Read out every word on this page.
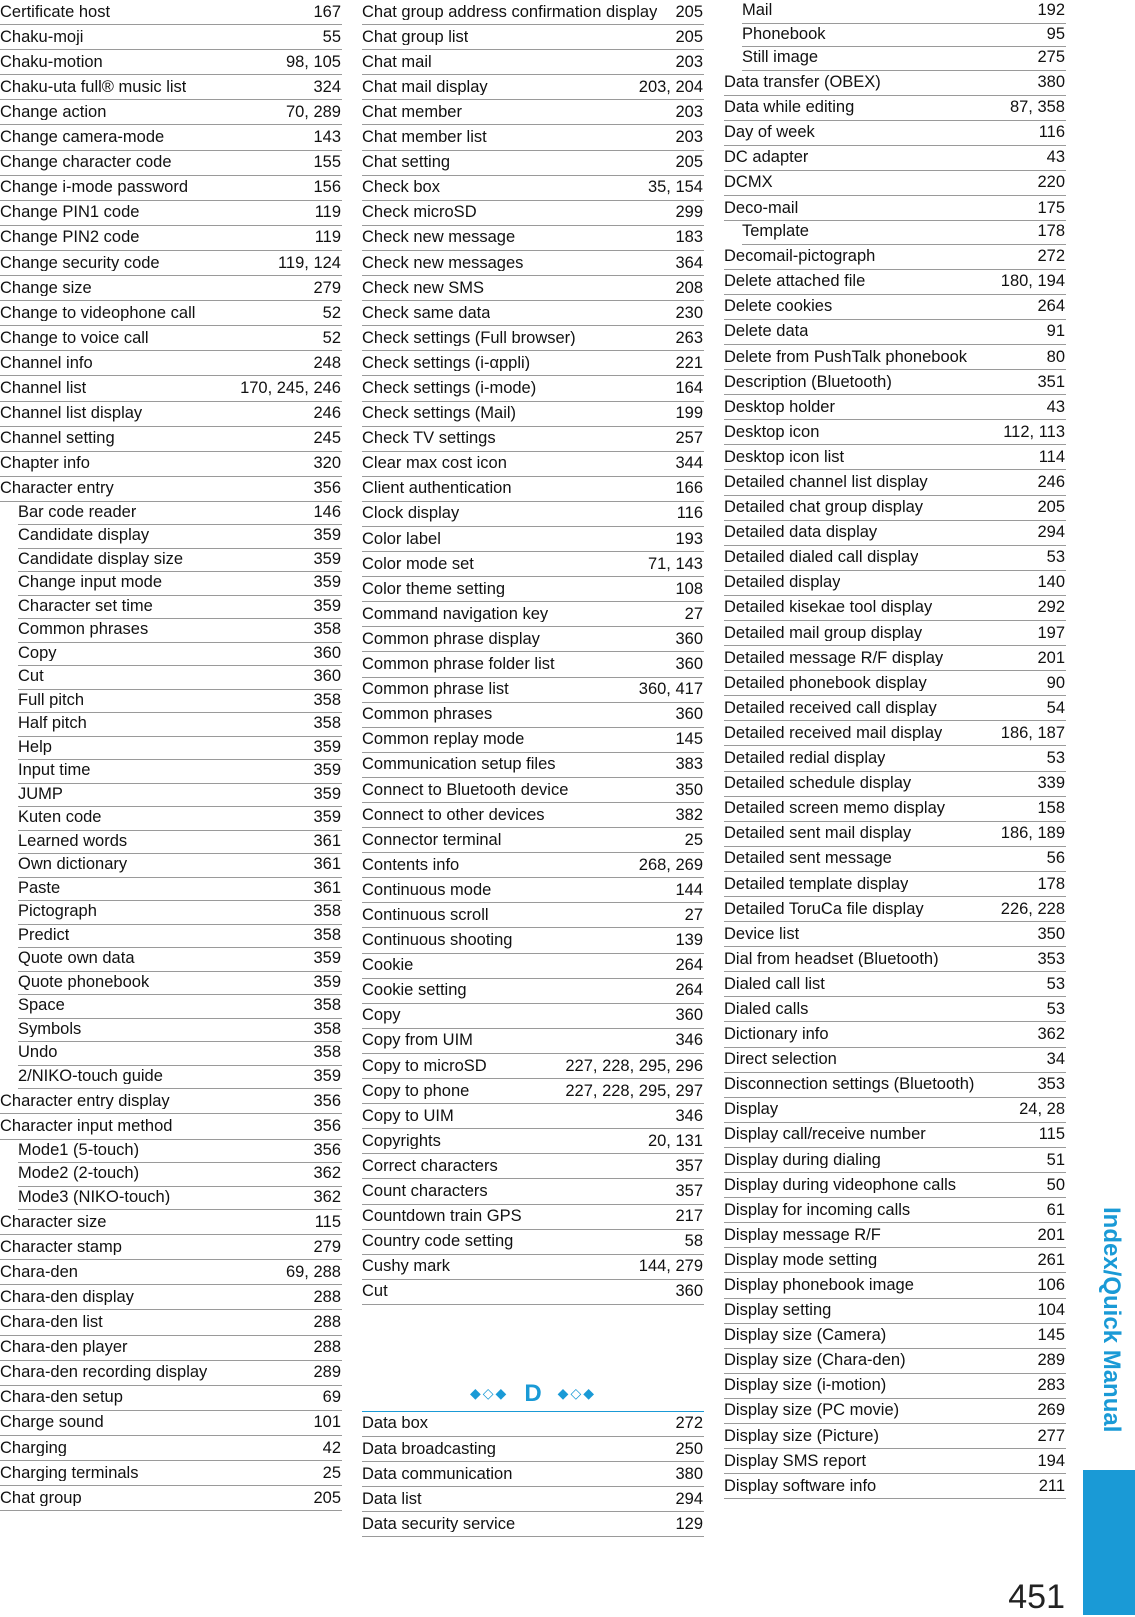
Certificate host	167
Chaku-moji	55
Chaku-motion	98, 105
Chaku-uta full® music list	324
Change action	70, 289
Change camera-mode	143
Change character code	155
Change i-mode password	156
Change PIN1 code	119
Change PIN2 code	119
Change security code	119, 124
Change size	279
Change to videophone call	52
Change to voice call	52
Channel info	248
Channel list	170, 245, 246
Channel list display	246
Channel setting	245
Chapter info	320
Character entry	356
Bar code reader	146
Candidate display	359
Candidate display size	359
Change input mode	359
Character set time	359
Common phrases	358
Copy	360
Cut	360
Full pitch	358
Half pitch	358
Help	359
Input time	359
JUMP	359
Kuten code	359
Learned words	361
Own dictionary	361
Paste	361
Pictograph	358
Predict	358
Quote own data	359
Quote phonebook	359
Space	358
Symbols	358
Undo	358
2/NIKO-touch guide	359
Character entry display	356
Character input method	356
Mode1 (5-touch)	356
Mode2 (2-touch)	362
Mode3 (NIKO-touch)	362
Character size	115
Character stamp	279
Chara-den	69, 288
Chara-den display	288
Chara-den list	288
Chara-den player	288
Chara-den recording display	289
Chara-den setup	69
Charge sound	101
Charging	42
Charging terminals	25
Chat group	205
Chat group address confirmation display	205
Chat group list	205
Chat mail	203
Chat mail display	203, 204
Chat member	203
Chat member list	203
Chat setting	205
Check box	35, 154
Check microSD	299
Check new message	183
Check new messages	364
Check new SMS	208
Check same data	230
Check settings (Full browser)	263
Check settings (i-αppli)	221
Check settings (i-mode)	164
Check settings (Mail)	199
Check TV settings	257
Clear max cost icon	344
Client authentication	166
Clock display	116
Color label	193
Color mode set	71, 143
Color theme setting	108
Command navigation key	27
Common phrase display	360
Common phrase folder list	360
Common phrase list	360, 417
Common phrases	360
Common replay mode	145
Communication setup files	383
Connect to Bluetooth device	350
Connect to other devices	382
Connector terminal	25
Contents info	268, 269
Continuous mode	144
Continuous scroll	27
Continuous shooting	139
Cookie	264
Cookie setting	264
Copy	360
Copy from UIM	346
Copy to microSD	227, 228, 295, 296
Copy to phone	227, 228, 295, 297
Copy to UIM	346
Copyrights	20, 131
Correct characters	357
Count characters	357
Countdown train GPS	217
Country code setting	58
Cushy mark	144, 279
Cut	360
◆◇◆ D	◆◇◆
Data box	272
Data broadcasting	250
Data communication	380
Data list	294
Data security service	129
Mail	192
Phonebook	95
Still image	275
Data transfer (OBEX)	380
Data while editing	87, 358
Day of week	116
DC adapter	43
DCMX	220
Deco-mail	175
Template	178
Decomail-pictograph	272
Delete attached file	180, 194
Delete cookies	264
Delete data	91
Delete from PushTalk phonebook	80
Description (Bluetooth)	351
Desktop holder	43
Desktop icon	112, 113
Desktop icon list	114
Detailed channel list display	246
Detailed chat group display	205
Detailed data display	294
Detailed dialed call display	53
Detailed display	140
Detailed kisekae tool display	292
Detailed mail group display	197
Detailed message R/F display	201
Detailed phonebook display	90
Detailed received call display	54
Detailed received mail display	186, 187
Detailed redial display	53
Detailed schedule display	339
Detailed screen memo display	158
Detailed sent mail display	186, 189
Detailed sent message	56
Detailed template display	178
Detailed ToruCa file display	226, 228
Device list	350
Dial from headset (Bluetooth)	353
Dialed call list	53
Dialed calls	53
Dictionary info	362
Direct selection	34
Disconnection settings (Bluetooth)	353
Display	24, 28
Display call/receive number	115
Display during dialing	51
Display during videophone calls	50
Display for incoming calls	61
Display message R/F	201
Display mode setting	261
Display phonebook image	106
Display setting	104
Display size (Camera)	145
Display size (Chara-den)	289
Display size (i-motion)	283
Display size (PC movie)	269
Display size (Picture)	277
Display SMS report	194
Display software info	211
Index/Quick Manual
451
